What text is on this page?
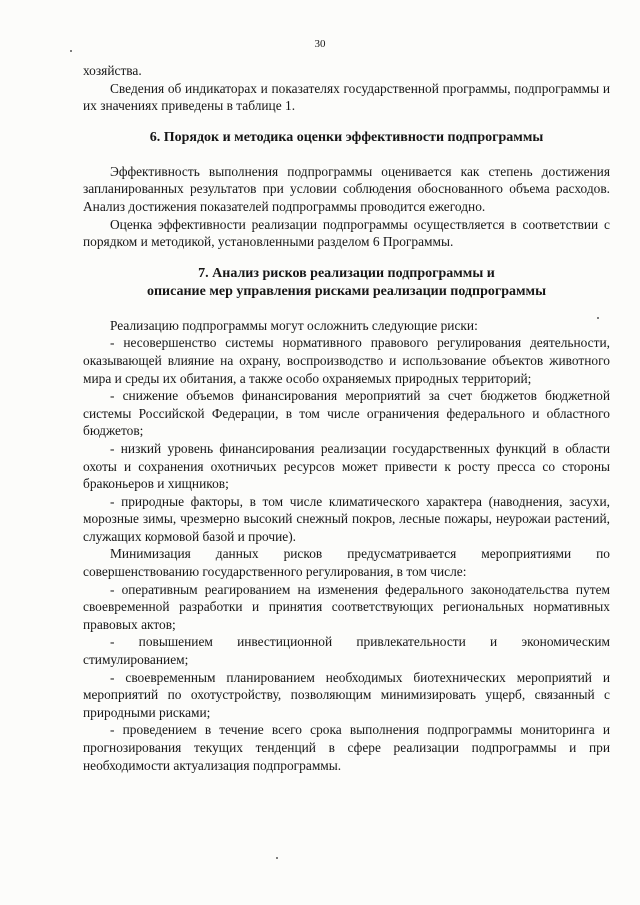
30

хозяйства.

Сведения об индикаторах и показателях государственной программы, подпрограммы и их значениях приведены в таблице 1.

6. Порядок и методика оценки эффективности подпрограммы

Эффективность выполнения подпрограммы оценивается как степень достижения запланированных результатов при условии соблюдения обоснованного объема расходов. Анализ достижения показателей подпрограммы проводится ежегодно.

Оценка эффективности реализации подпрограммы осуществляется в соответствии с порядком и методикой, установленными разделом 6 Программы.

7. Анализ рисков реализации подпрограммы и
описание мер управления рисками реализации подпрограммы

Реализацию подпрограммы могут осложнить следующие риски:

- несовершенство системы нормативного правового регулирования деятельности, оказывающей влияние на охрану, воспроизводство и использование объектов животного мира и среды их обитания, а также особо охраняемых природных территорий;

- снижение объемов финансирования мероприятий за счет бюджетов бюджетной системы Российской Федерации, в том числе ограничения федерального и областного бюджетов;

- низкий уровень финансирования реализации государственных функций в области охоты и сохранения охотничьих ресурсов может привести к росту пресса со стороны браконьеров и хищников;

- природные факторы, в том числе климатического характера (наводнения, засухи, морозные зимы, чрезмерно высокий снежный покров, лесные пожары, неурожаи растений, служащих кормовой базой и прочие).

Минимизация данных рисков предусматривается мероприятиями по совершенствованию государственного регулирования, в том числе:

- оперативным реагированием на изменения федерального законодательства путем своевременной разработки и принятия соответствующих региональных нормативных правовых актов;

- повышением инвестиционной привлекательности и экономическим стимулированием;

- своевременным планированием необходимых биотехнических мероприятий и мероприятий по охотустройству, позволяющим минимизировать ущерб, связанный с природными рисками;

- проведением в течение всего срока выполнения подпрограммы мониторинга и прогнозирования текущих тенденций в сфере реализации подпрограммы и при необходимости актуализация подпрограммы.
